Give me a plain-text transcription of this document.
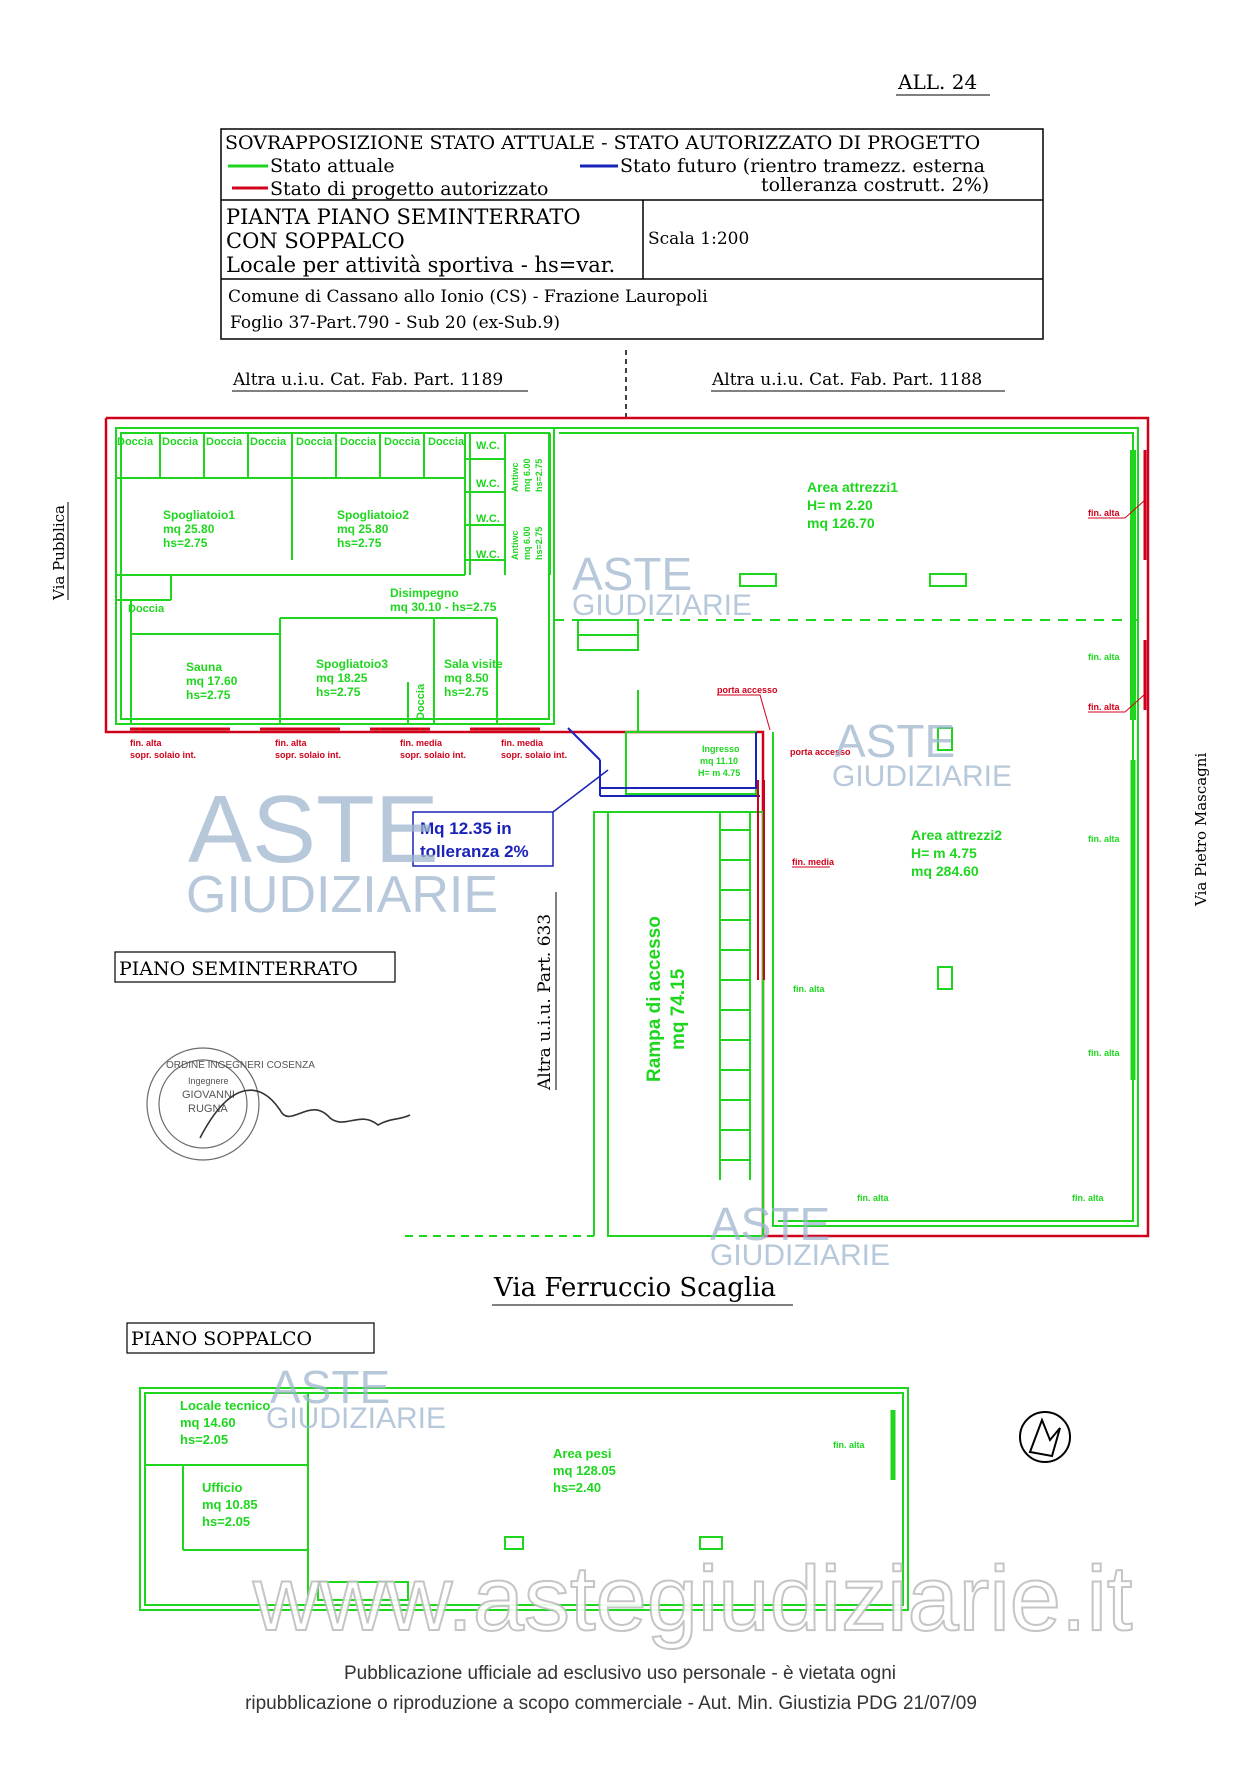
ALL. 24
SOVRAPPOSIZIONE STATO ATTUALE - STATO AUTORIZZATO DI PROGETTO
Stato attuale	Stato futuro (rientro tramezz. esterna
tolleranza costrutt. 2%)
Stato di progetto autorizzato
PIANTA PIANO SEMINTERRATO
CON SOPPALCO
Locale per attività sportiva - hs=var.
Scala 1:200
Comune di Cassano allo Ionio (CS) - Frazione Lauropoli
Foglio 37-Part.790 - Sub 20 (ex-Sub.9)
Altra u.i.u. Cat. Fab. Part. 1189	Altra u.i.u. Cat. Fab. Part. 1188
Via Pubblica
Via Pietro Mascagni
Via Ferruccio Scaglia
Doccia Doccia Doccia Doccia Doccia Doccia Doccia Doccia
Doccia
Doccia
W.C.
W.C.
W.C.
W.C.
Spogliatoio1
mq 25.80
hs=2.75
Spogliatoio2
mq 25.80
hs=2.75
Disimpegno
mq 30.10 - hs=2.75
Sauna
mq 17.60
hs=2.75
Spogliatoio3
mq 18.25
hs=2.75
Sala visite
mq 8.50
hs=2.75
Antiwc mq 6.00 hs=2.75
Antiwc mq 6.00 hs=2.75
Area attrezzi1
H= m 2.20
mq 126.70
Area attrezzi2
H= m 4.75
mq 284.60
Ingresso
mq 11.10
H= m 4.75
Rampa di accesso mq 74.15
fin. alta
sopr. solaio int.
fin. alta
sopr. solaio int.
fin. media
sopr. solaio int.
fin. media
sopr. solaio int.
porta accesso
porta accesso
fin. media
fin. alta
fin. alta
fin. alta
fin. alta
fin. alta
fin. alta
fin. alta	fin. alta
Mq 12.35 in
tolleranza 2%
Altra u.i.u. Part. 633
PIANO SEMINTERRATO
ORDINE INGEGNERI COSENZA
Ingegnere
GIOVANNI
RUGNA
PIANO SOPPALCO
Locale tecnico
mq 14.60
hs=2.05
Ufficio
mq 10.85
hs=2.05
Area pesi
mq 128.05
hs=2.40
fin. alta
ASTE
GIUDIZIARIE
ASTE
GIUDIZIARIE
ASTE
GIUDIZIARIE
ASTE
GIUDIZIARIE
ASTE
GIUDIZIARIE
www.astegiudiziarie.it
Pubblicazione ufficiale ad esclusivo uso personale - è vietata ogni
ripubblicazione o riproduzione a scopo commerciale - Aut. Min. Giustizia PDG 21/07/09
